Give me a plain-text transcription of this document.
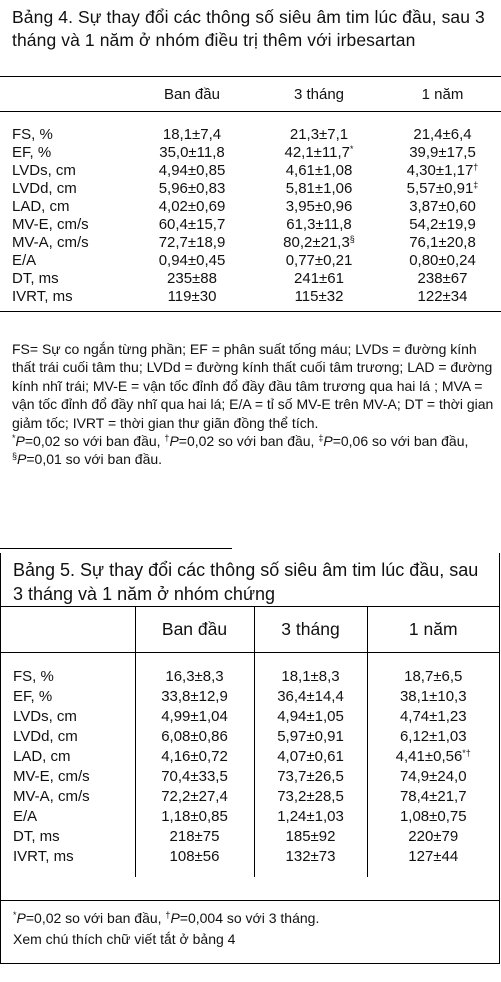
Bảng 4. Sự thay đổi các thông số siêu âm tim lúc đầu, sau 3 tháng và 1 năm ở nhóm điều trị thêm với irbesartan
	Ban đầu	3 tháng	1 năm
FS, %	18,1±7,4	21,3±7,1	21,4±6,4
EF, %	35,0±11,8	42,1±11,7*	39,9±17,5
LVDs, cm	4,94±0,85	4,61±1,08	4,30±1,17†
LVDd, cm	5,96±0,83	5,81±1,06	5,57±0,91‡
LAD, cm	4,02±0,69	3,95±0,96	3,87±0,60
MV-E, cm/s	60,4±15,7	61,3±11,8	54,2±19,9
MV-A, cm/s	72,7±18,9	80,2±21,3§	76,1±20,8
E/A	0,94±0,45	0,77±0,21	0,80±0,24
DT, ms	235±88	241±61	238±67
IVRT, ms	119±30	115±32	122±34

FS= Sự co ngắn từng phần; EF = phân suất tống máu; LVDs = đường kính thất trái cuối tâm thu; LVDd = đường kính thất cuối tâm trương; LAD = đường kính nhĩ trái; MV-E = vận tốc đỉnh đổ đầy đầu tâm trương qua hai lá ; MVA = vận tốc đỉnh đổ đầy nhĩ qua hai lá; E/A = tỉ số MV-E trên MV-A; DT = thời gian giảm tốc; IVRT = thời gian thư giãn đồng thể tích.

*P=0,02 so với ban đầu, †P=0,02 so với ban đầu, ‡P=0,06 so với ban đầu, §P=0,01 so với ban đầu.

Bảng 5. Sự thay đổi các thông số siêu âm tim lúc đầu, sau 3 tháng và 1 năm ở nhóm chứng
	Ban đầu	3 tháng	1 năm
FS, %	16,3±8,3	18,1±8,3	18,7±6,5
EF, %	33,8±12,9	36,4±14,4	38,1±10,3
LVDs, cm	4,99±1,04	4,94±1,05	4,74±1,23
LVDd, cm	6,08±0,86	5,97±0,91	6,12±1,03
LAD, cm	4,16±0,72	4,07±0,61	4,41±0,56*†
MV-E, cm/s	70,4±33,5	73,7±26,5	74,9±24,0
MV-A, cm/s	72,2±27,4	73,2±28,5	78,4±21,7
E/A	1,18±0,85	1,24±1,03	1,08±0,75
DT, ms	218±75	185±92	220±79
IVRT, ms	108±56	132±73	127±44

*P=0,02 so với ban đầu, †P=0,004 so với 3 tháng.

Xem chú thích chữ viết tắt ở bảng 4
